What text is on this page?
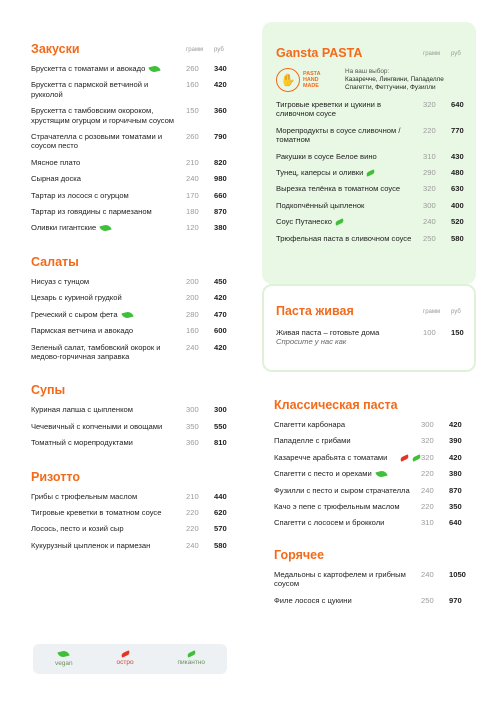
Закуски	грамм	руб
Брускетта с томатами и авокадо	260	340
Брускетта с пармской ветчиной и рукколой
160	420
Брускетта с тамбовским окороком, хрустящим огурцом и горчичным соусом
150	360
Страчателла с розовыми томатами и соусом песто
260	790
Мясное плато	210	820
Сырная доска	240	980
Тартар из лосося с огурцом	170	660
Тартар из говядины с пармезаном	180	870
Оливки гигантские	120	380
Салаты
Нисуаз с тунцом	200	450
Цезарь с куриной грудкой	200	420
Греческий с сыром фета	280	470
Пармская ветчина и авокадо	160	600
Зеленый салат, тамбовский окорок и медово-горчичная заправка
240	420
Супы
Куриная лапша с цыпленком	300	300
Чечевичный с копчеными и овощами	350	550
Томатный с морепродуктами	360	810
Ризотто
Грибы с трюфельным маслом	210	440
Тигровые креветки в томатном соусе	220	620
Лосось, песто и козий сыр	220	570
Кукурузный цыпленок и пармезан	240	580
vegan	остро	пикантно
Gansta PASTA	грамм	руб
✋	PASTA HAND MADE
На ваш выбор:
Казаречче, Лингвини, Пападелле Спагетти, Феттучини, Фузилли
Тигровые креветки и цукини в сливочном соусе
320	640
Морепродукты в соусе сливочном / томатном
220	770
Ракушки в соусе Белое вино	310	430
Тунец, каперсы и оливки	290	480
Вырезка телёнка в томатном соусе	320	630
Подкопчённый цыпленок	300	400
Соус Путанеско	240	520
Трюфельная паста в сливочном соусе	250	580
Паста живая	грамм	руб
Живая паста – готовьте дома	100	150
Спросите у нас как
Классическая паста
Спагетти карбонара	300	420
Пападелле с грибами	320	390
Казаречче арабьята с томатами	320	420
Спагетти с песто и орехами	220	380
Фузилли с песто и сыром страчателла	240	870
Качо э пепе с трюфельным маслом	220	350
Спагетти с лососем и брокколи	310	640
Горячее
Медальоны с картофелем и грибным соусом
240	1050
Филе лосося с цукини	250	970
